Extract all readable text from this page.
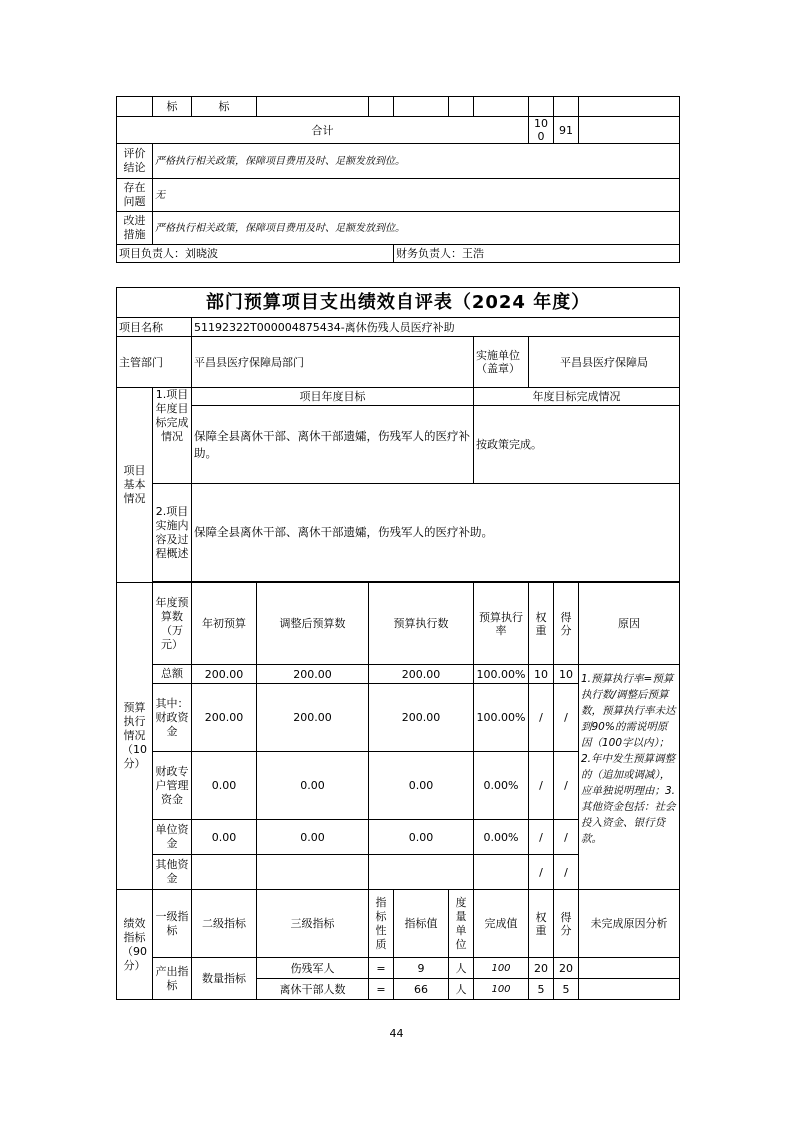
	标	标								
合计								100	91	
评价结论	严格执行相关政策，保障项目费用及时、足额发放到位。									
存在问题	无									
改进措施	严格执行相关政策，保障项目费用及时、足额发放到位。									
项目负责人：刘晓波					财务负责人：王浩					
部门预算项目支出绩效自评表（2024 年度）										
项目名称		51192322T000004875434-离休伤残人员医疗补助								
主管部门		平昌县医疗保障局部门					实施单位（盖章）	平昌县医疗保障局		
项目基本情况	1.项目年度目标完成情况	项目年度目标					年度目标完成情况			
		保障全县离休干部、离休干部遗孀，伤残军人的医疗补助。					按政策完成。			
	2.项目实施内容及过程概述	保障全县离休干部、离休干部遗孀，伤残军人的医疗补助。								

预算执行情况（10分）	年度预算数（万元）	年初预算	调整后预算数	预算执行数			预算执行率	权重	得分	原因
	总额	200.00	200.00	200.00			100.00%	10	10	1.预算执行率=预算执行数/调整后预算数，预算执行率未达到90%的需说明原因（100字以内）；2.年中发生预算调整的（追加或调减），应单独说明理由；3.其他资金包括：社会投入资金、银行贷款。
	其中：财政资金	200.00	200.00	200.00			100.00%	/	/	
	财政专户管理资金	0.00	0.00	0.00			0.00%	/	/	
	单位资金	0.00	0.00	0.00			0.00%	/	/	
	其他资金							/	/	
绩效指标（90分）	一级指标	二级指标	三级指标	指标性质	指标值	度量单位	完成值	权重	得分	未完成原因分析
	产出指标	数量指标	伤残军人	=	9	人	100	20	20	
			离休干部人数	=	66	人	100	5	5	
44
